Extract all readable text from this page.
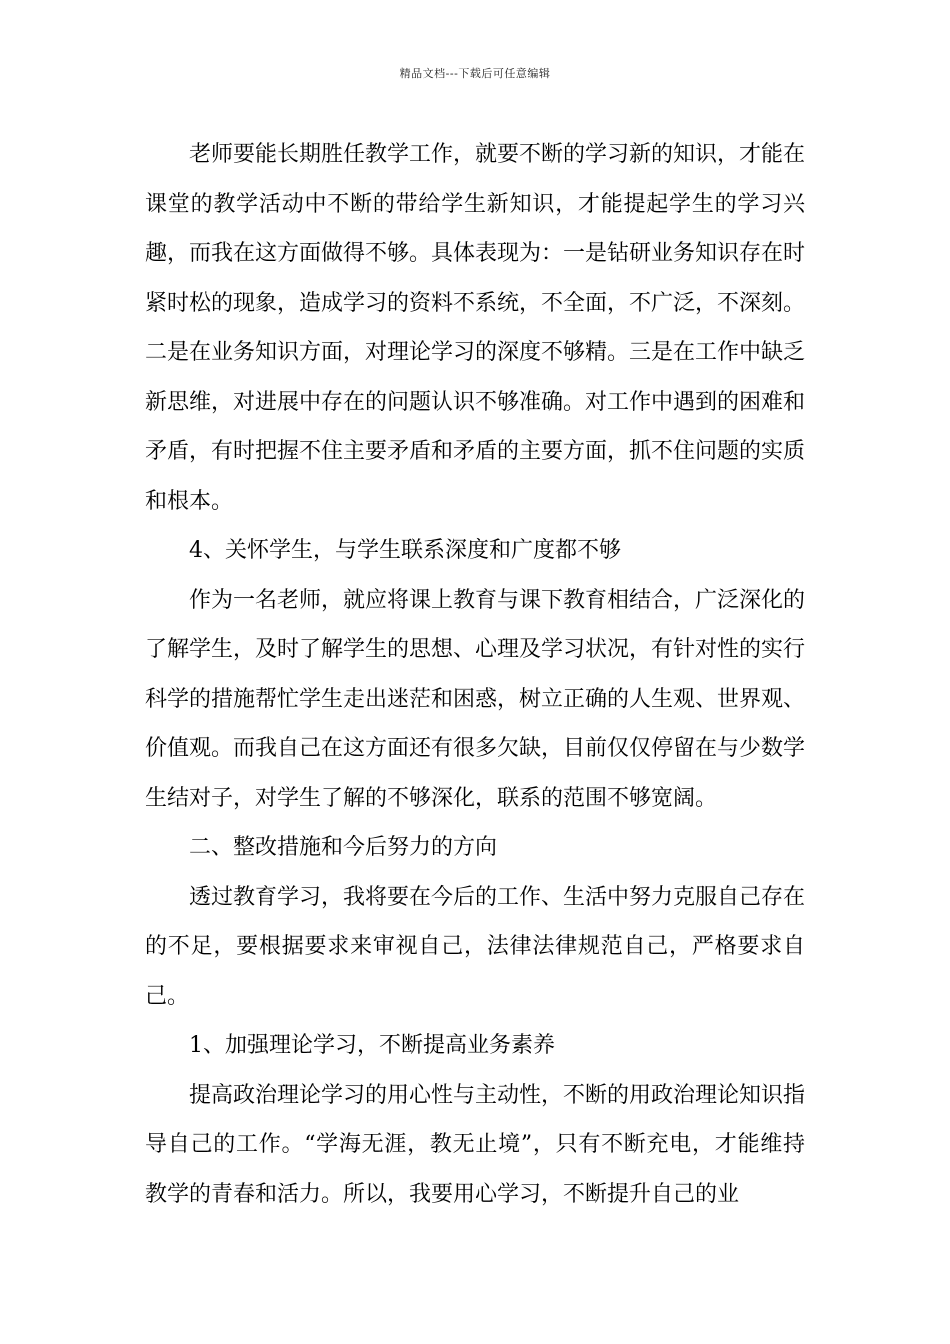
精品文档---下载后可任意编辑

老师要能长期胜任教学工作，就要不断的学习新的知识，才能在课堂的教学活动中不断的带给学生新知识，才能提起学生的学习兴趣，而我在这方面做得不够。具体表现为：一是钻研业务知识存在时紧时松的现象，造成学习的资料不系统，不全面，不广泛，不深刻。二是在业务知识方面，对理论学习的深度不够精。三是在工作中缺乏新思维，对进展中存在的问题认识不够准确。对工作中遇到的困难和矛盾，有时把握不住主要矛盾和矛盾的主要方面，抓不住问题的实质和根本。

4、关怀学生，与学生联系深度和广度都不够

作为一名老师，就应将课上教育与课下教育相结合，广泛深化的了解学生，及时了解学生的思想、心理及学习状况，有针对性的实行科学的措施帮忙学生走出迷茫和困惑，树立正确的人生观、世界观、价值观。而我自己在这方面还有很多欠缺，目前仅仅停留在与少数学生结对子，对学生了解的不够深化，联系的范围不够宽阔。

二、整改措施和今后努力的方向

透过教育学习，我将要在今后的工作、生活中努力克服自己存在的不足，要根据要求来审视自己，法律法律规范自己，严格要求自己。

1、加强理论学习，不断提高业务素养

提高政治理论学习的用心性与主动性，不断的用政治理论知识指导自己的工作。“学海无涯，教无止境”，只有不断充电，才能维持教学的青春和活力。所以，我要用心学习，不断提升自己的业
